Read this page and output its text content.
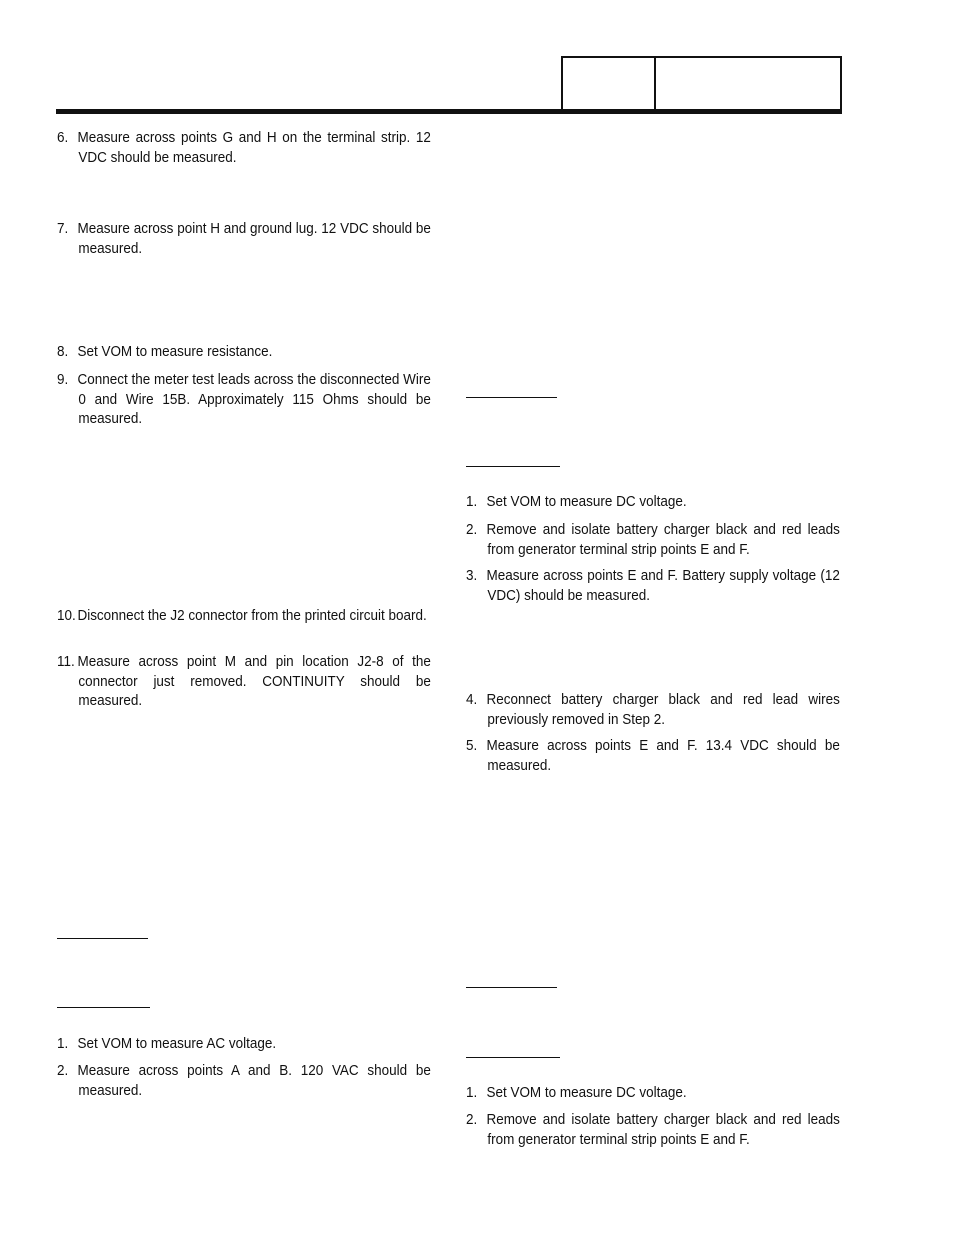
6. Measure across points G and H on the terminal strip. 12 VDC should be measured.
7. Measure across point H and ground lug. 12 VDC should be measured.
8. Set VOM to measure resistance.
9. Connect the meter test leads across the disconnected Wire 0 and Wire 15B. Approximately 115 Ohms should be measured.
10. Disconnect the J2 connector from the printed circuit board.
11. Measure across point M and pin location J2-8 of the connector just removed. CONTINUITY should be measured.
1. Set VOM to measure AC voltage.
2. Measure across points A and B. 120 VAC should be measured.
1. Set VOM to measure DC voltage.
2. Remove and isolate battery charger black and red leads from generator terminal strip points E and F.
3. Measure across points E and F. Battery supply voltage (12 VDC) should be measured.
4. Reconnect battery charger black and red lead wires previously removed in Step 2.
5. Measure across points E and F. 13.4 VDC should be measured.
1. Set VOM to measure DC voltage.
2. Remove and isolate battery charger black and red leads from generator terminal strip points E and F.
